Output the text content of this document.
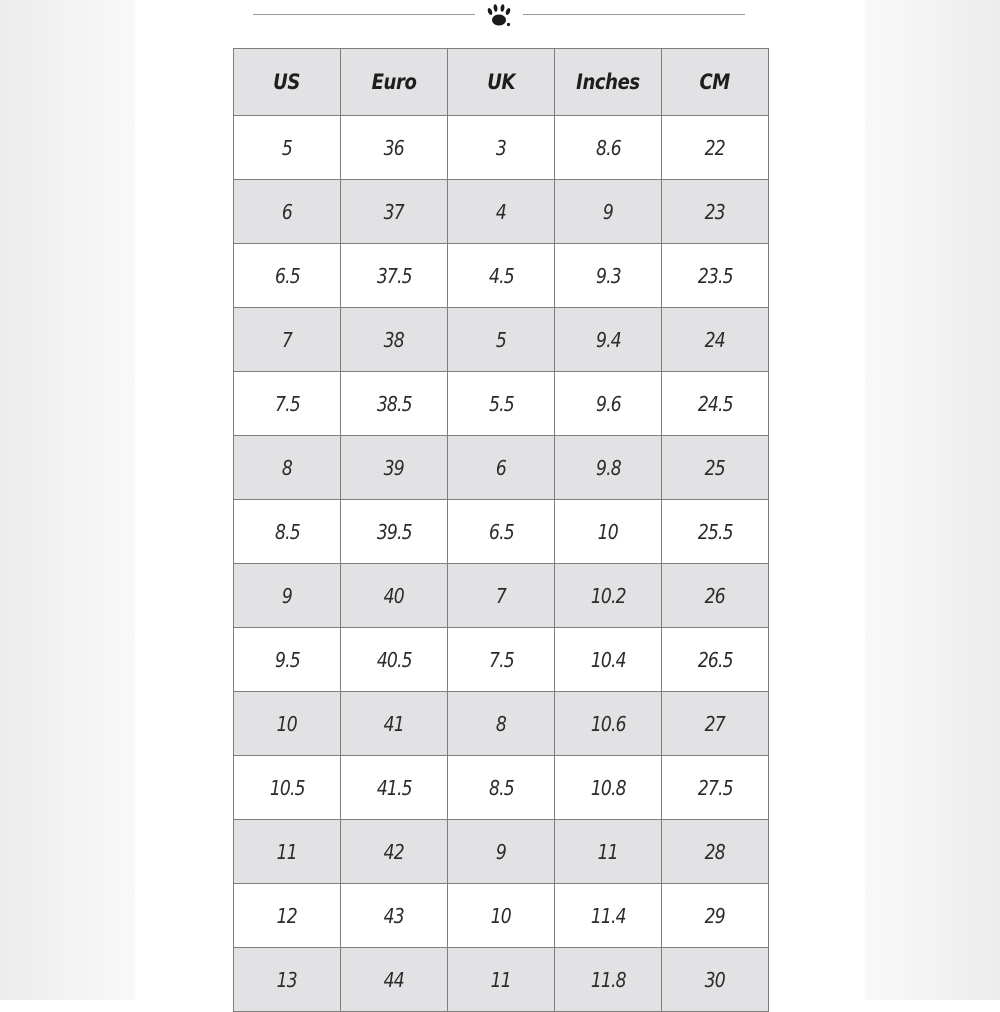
US	Euro	UK	Inches	CM
5	36	3	8.6	22
6	37	4	9	23
6.5	37.5	4.5	9.3	23.5
7	38	5	9.4	24
7.5	38.5	5.5	9.6	24.5
8	39	6	9.8	25
8.5	39.5	6.5	10	25.5
9	40	7	10.2	26
9.5	40.5	7.5	10.4	26.5
10	41	8	10.6	27
10.5	41.5	8.5	10.8	27.5
11	42	9	11	28
12	43	10	11.4	29
13	44	11	11.8	30
